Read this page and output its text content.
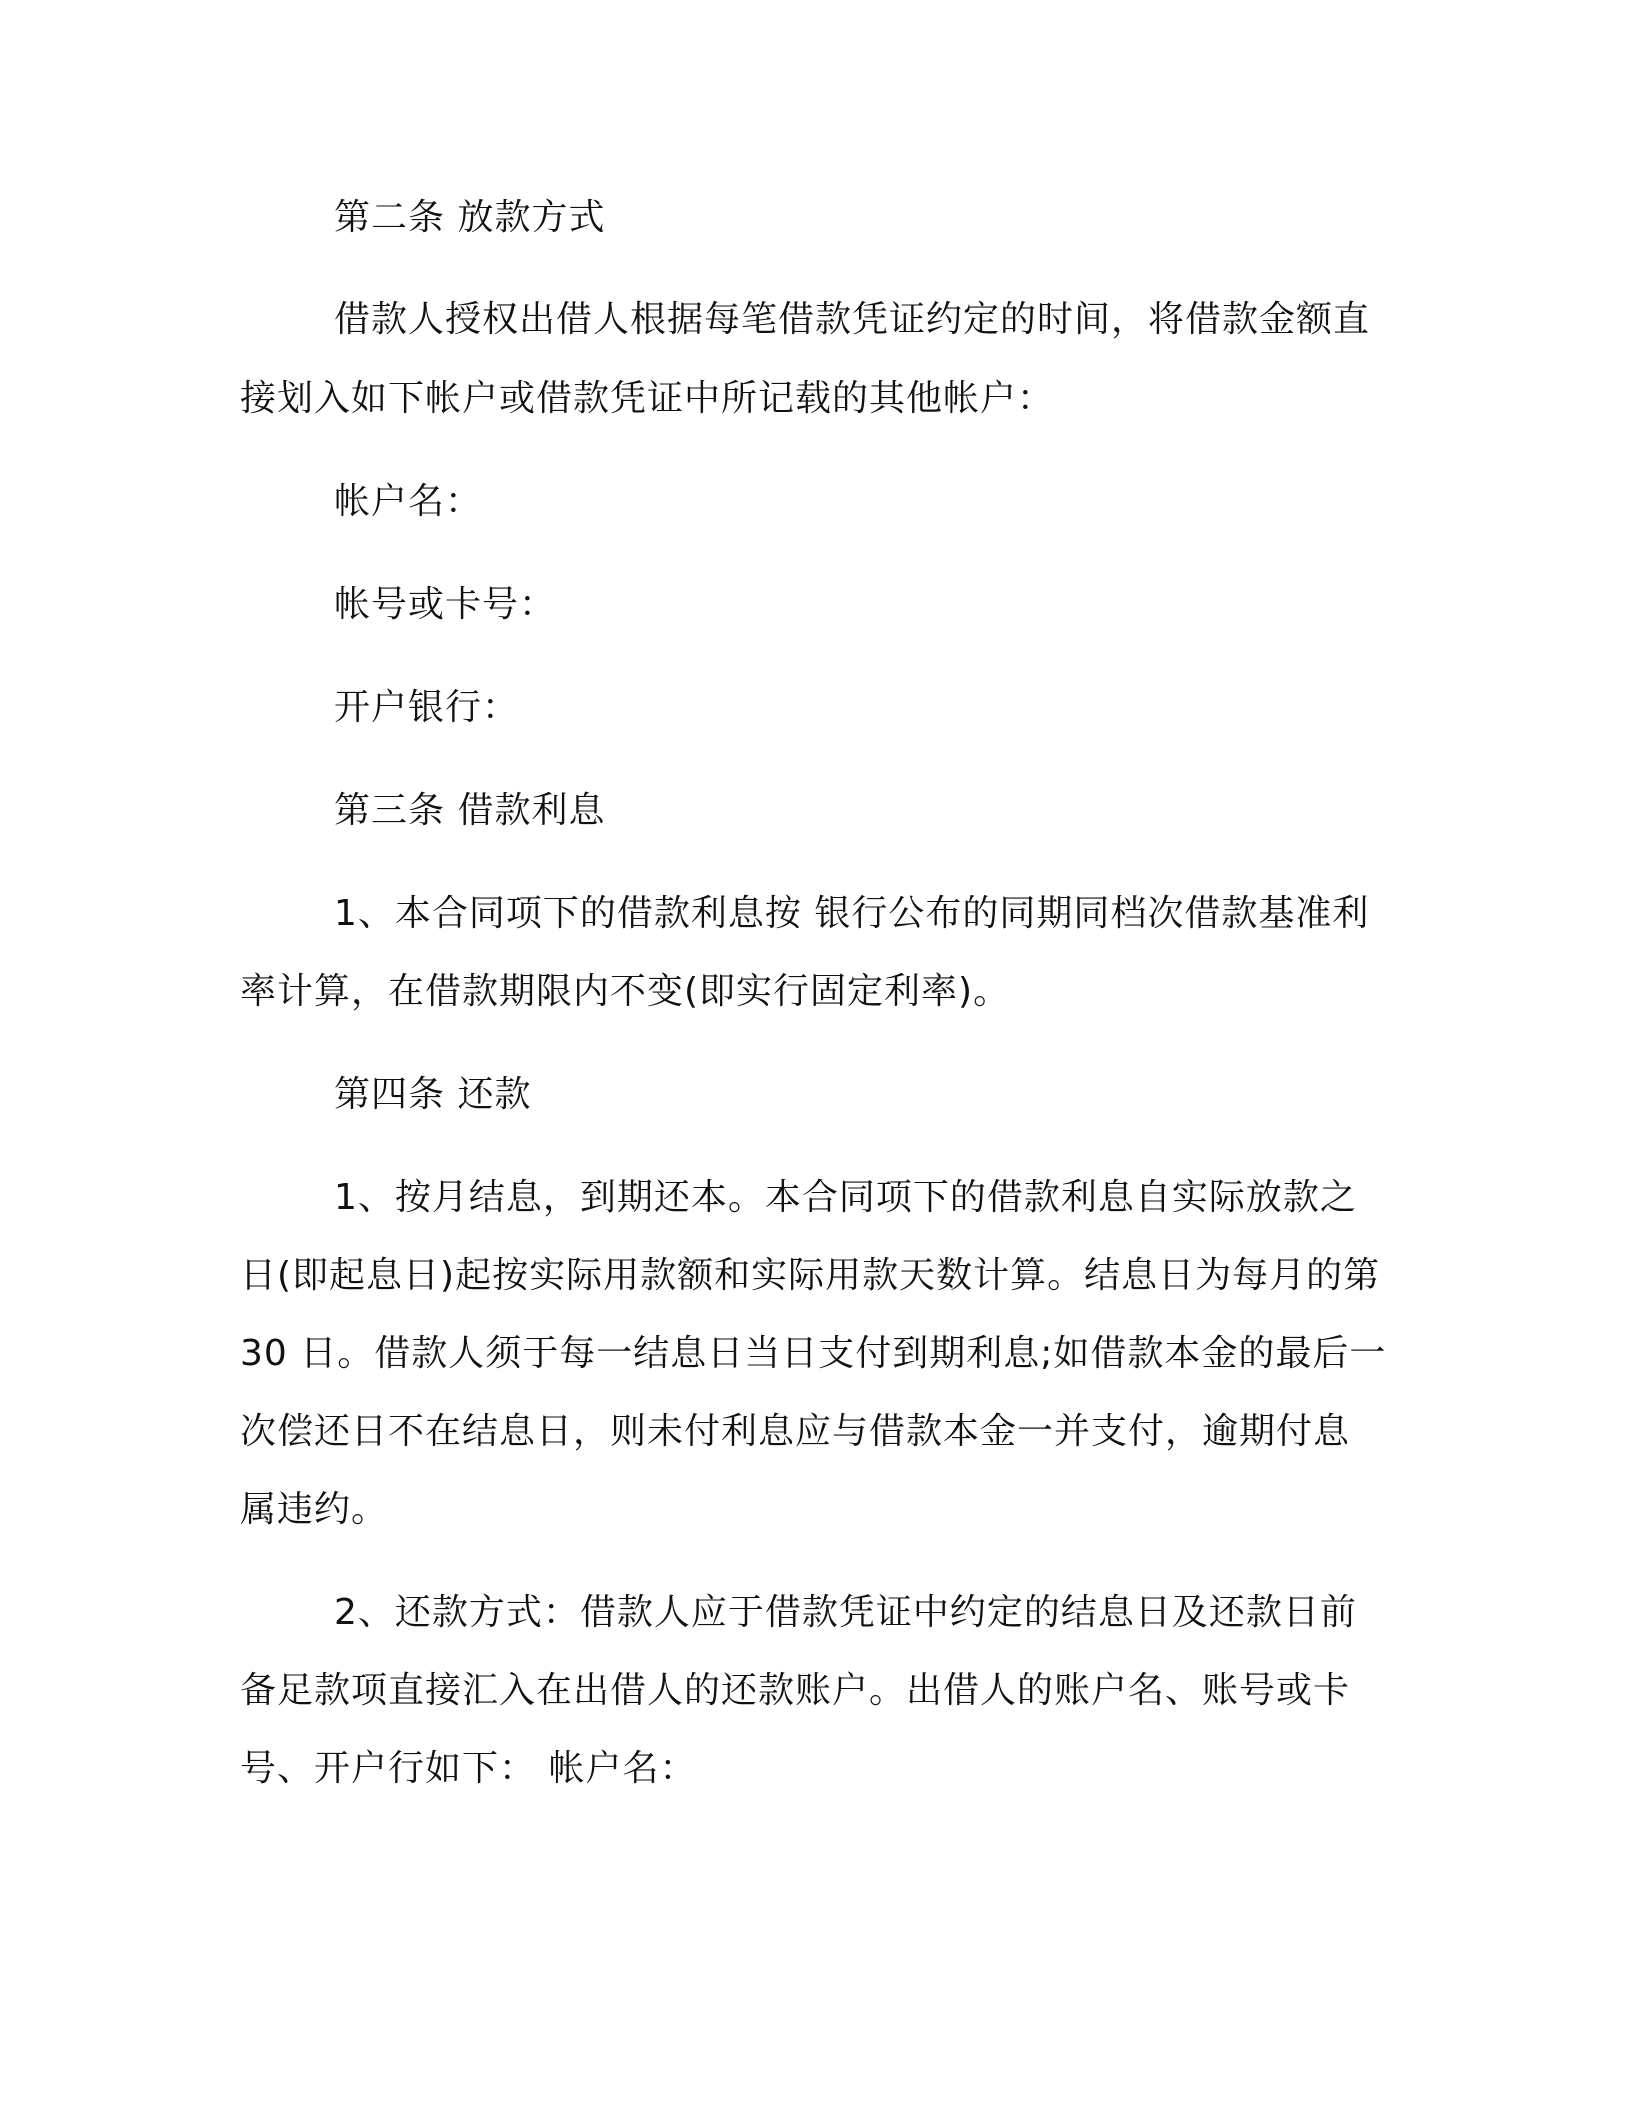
第二条 放款方式
借款人授权出借人根据每笔借款凭证约定的时间，将借款金额直
接划入如下帐户或借款凭证中所记载的其他帐户：
帐户名：
帐号或卡号：
开户银行：
第三条 借款利息
1、本合同项下的借款利息按 银行公布的同期同档次借款基准利
率计算，在借款期限内不变(即实行固定利率)。
第四条 还款
1、按月结息，到期还本。本合同项下的借款利息自实际放款之
日(即起息日)起按实际用款额和实际用款天数计算。结息日为每月的第
30 日。借款人须于每一结息日当日支付到期利息;如借款本金的最后一
次偿还日不在结息日，则未付利息应与借款本金一并支付，逾期付息
属违约。
2、还款方式：借款人应于借款凭证中约定的结息日及还款日前
备足款项直接汇入在出借人的还款账户。出借人的账户名、账号或卡
号、开户行如下： 帐户名：
